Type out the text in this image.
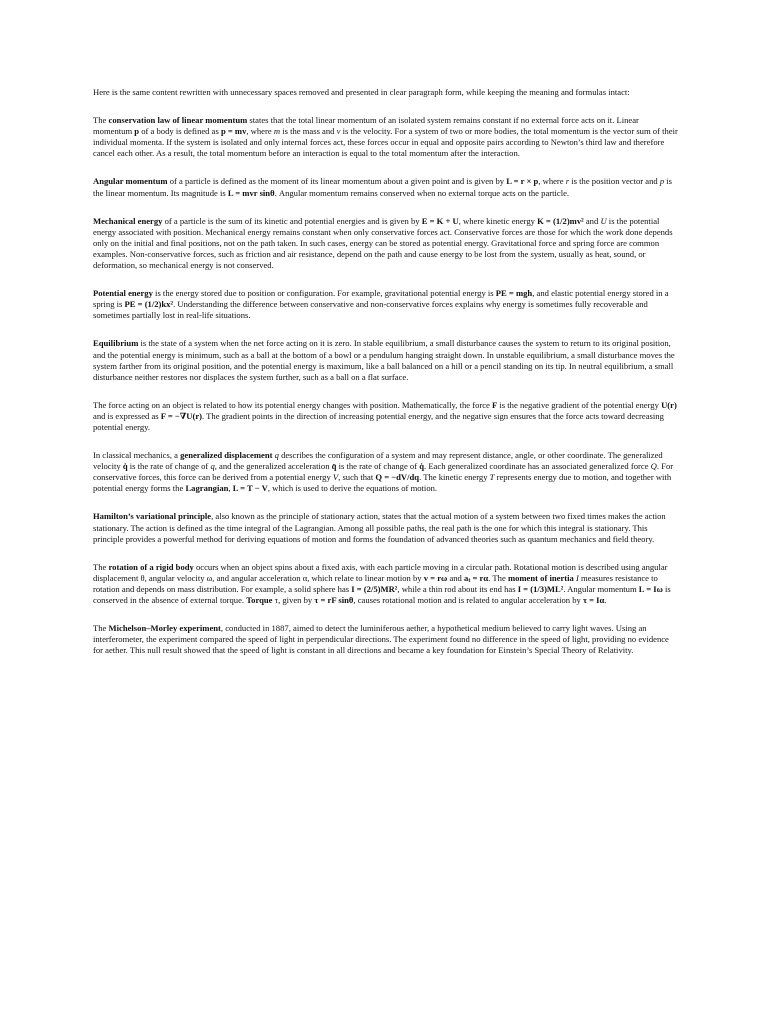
Here is the same content rewritten with unnecessary spaces removed and presented in clear paragraph form, while keeping the meaning and formulas intact:

The conservation law of linear momentum states that the total linear momentum of an isolated system remains constant if no external force acts on it. Linear momentum p of a body is defined as p = mv, where m is the mass and v is the velocity. For a system of two or more bodies, the total momentum is the vector sum of their individual momenta. If the system is isolated and only internal forces act, these forces occur in equal and opposite pairs according to Newton’s third law and therefore cancel each other. As a result, the total momentum before an interaction is equal to the total momentum after the interaction.

Angular momentum of a particle is defined as the moment of its linear momentum about a given point and is given by L = r × p, where r is the position vector and p is the linear momentum. Its magnitude is L = mvr sinθ. Angular momentum remains conserved when no external torque acts on the particle.

Mechanical energy of a particle is the sum of its kinetic and potential energies and is given by E = K + U, where kinetic energy K = (1/2)mv² and U is the potential energy associated with position. Mechanical energy remains constant when only conservative forces act. Conservative forces are those for which the work done depends only on the initial and final positions, not on the path taken. In such cases, energy can be stored as potential energy. Gravitational force and spring force are common examples. Non-conservative forces, such as friction and air resistance, depend on the path and cause energy to be lost from the system, usually as heat, sound, or deformation, so mechanical energy is not conserved.

Potential energy is the energy stored due to position or configuration. For example, gravitational potential energy is PE = mgh, and elastic potential energy stored in a spring is PE = (1/2)kx². Understanding the difference between conservative and non-conservative forces explains why energy is sometimes fully recoverable and sometimes partially lost in real-life situations.

Equilibrium is the state of a system when the net force acting on it is zero. In stable equilibrium, a small disturbance causes the system to return to its original position, and the potential energy is minimum, such as a ball at the bottom of a bowl or a pendulum hanging straight down. In unstable equilibrium, a small disturbance moves the system farther from its original position, and the potential energy is maximum, like a ball balanced on a hill or a pencil standing on its tip. In neutral equilibrium, a small disturbance neither restores nor displaces the system further, such as a ball on a flat surface.

The force acting on an object is related to how its potential energy changes with position. Mathematically, the force F is the negative gradient of the potential energy U(r) and is expressed as F = −∇U(r). The gradient points in the direction of increasing potential energy, and the negative sign ensures that the force acts toward decreasing potential energy.

In classical mechanics, a generalized displacement q describes the configuration of a system and may represent distance, angle, or other coordinate. The generalized velocity q̇ is the rate of change of q, and the generalized acceleration q̈ is the rate of change of q̇. Each generalized coordinate has an associated generalized force Q. For conservative forces, this force can be derived from a potential energy V, such that Q = −dV/dq. The kinetic energy T represents energy due to motion, and together with potential energy forms the Lagrangian, L = T − V, which is used to derive the equations of motion.

Hamilton’s variational principle, also known as the principle of stationary action, states that the actual motion of a system between two fixed times makes the action stationary. The action is defined as the time integral of the Lagrangian. Among all possible paths, the real path is the one for which this integral is stationary. This principle provides a powerful method for deriving equations of motion and forms the foundation of advanced theories such as quantum mechanics and field theory.

The rotation of a rigid body occurs when an object spins about a fixed axis, with each particle moving in a circular path. Rotational motion is described using angular displacement θ, angular velocity ω, and angular acceleration α, which relate to linear motion by v = rω and $a_t = r\alpha$. The moment of inertia I measures resistance to rotation and depends on mass distribution. For example, a solid sphere has I = (2/5)MR², while a thin rod about its end has I = (1/3)ML². Angular momentum L = Iω is conserved in the absence of external torque. Torque τ, given by τ = rF sinθ, causes rotational motion and is related to angular acceleration by τ = Iα.

The Michelson–Morley experiment, conducted in 1887, aimed to detect the luminiferous aether, a hypothetical medium believed to carry light waves. Using an interferometer, the experiment compared the speed of light in perpendicular directions. The experiment found no difference in the speed of light, providing no evidence for aether. This null result showed that the speed of light is constant in all directions and became a key foundation for Einstein’s Special Theory of Relativity.
